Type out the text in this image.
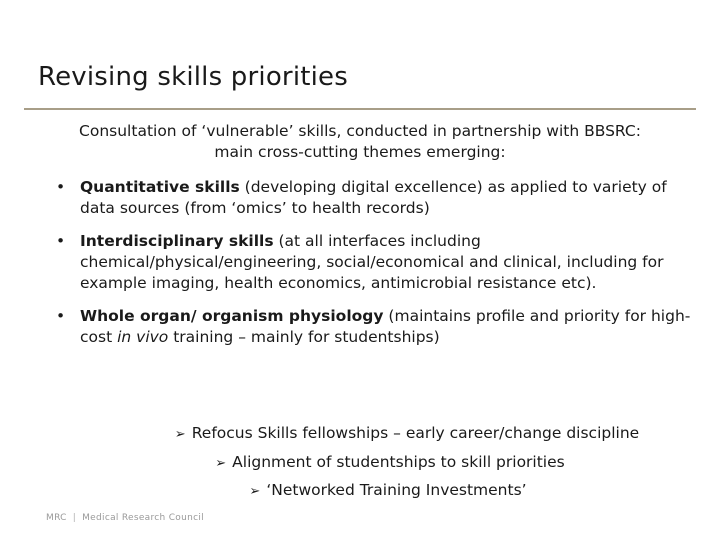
Revising skills priorities

Consultation of ‘vulnerable’ skills, conducted in partnership with BBSRC:
main cross-cutting themes emerging:

• Quantitative skills (developing digital excellence) as applied to variety of data sources (from ‘omics’ to health records)
• Interdisciplinary skills (at all interfaces including chemical/physical/engineering, social/economical and clinical, including for example imaging, health economics, antimicrobial resistance etc).
• Whole organ/ organism physiology (maintains profile and priority for high-cost in vivo training – mainly for studentships)
➢ Refocus Skills fellowships – early career/change discipline
➢ Alignment of studentships to skill priorities
➢ ‘Networked Training Investments’
MRC | Medical Research Council
